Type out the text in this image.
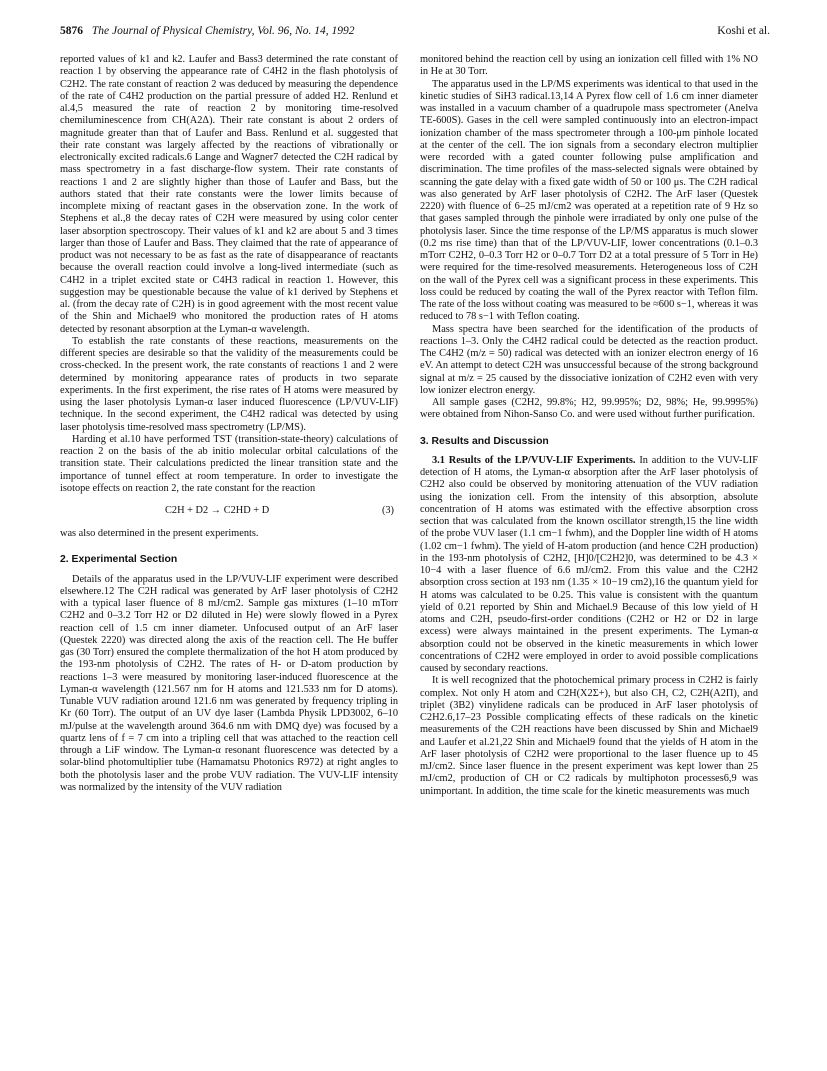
5876 The Journal of Physical Chemistry, Vol. 96, No. 14, 1992	Koshi et al.

reported values of k1 and k2. Laufer and Bass3 determined the rate constant of reaction 1 by observing the appearance rate of C4H2 in the flash photolysis of C2H2. The rate constant of reaction 2 was deduced by measuring the dependence of the rate of C4H2 production on the partial pressure of added H2. Renlund et al.4,5 measured the rate of reaction 2 by monitoring time-resolved chemiluminescence from CH(A2Δ). Their rate constant is about 2 orders of magnitude greater than that of Laufer and Bass. Renlund et al. suggested that their rate constant was largely affected by the reactions of vibrationally or electronically excited radicals.6 Lange and Wagner7 detected the C2H radical by mass spectrometry in a fast discharge-flow system. Their rate constants of reactions 1 and 2 are slightly higher than those of Laufer and Bass, but the authors stated that their rate constants were the lower limits because of incomplete mixing of reactant gases in the observation zone. In the work of Stephens et al.,8 the decay rates of C2H were measured by using color center laser absorption spectroscopy. Their values of k1 and k2 are about 5 and 3 times larger than those of Laufer and Bass. They claimed that the rate of appearance of product was not necessary to be as fast as the rate of disappearance of reactants because the overall reaction could involve a long-lived intermediate (such as C4H2 in a triplet excited state or C4H3 radical in reaction 1. However, this suggestion may be questionable because the value of k1 derived by Stephens et al. (from the decay rate of C2H) is in good agreement with the most recent value of the Shin and Michael9 who monitored the production rates of H atoms detected by resonant absorption at the Lyman-α wavelength.

To establish the rate constants of these reactions, measurements on the different species are desirable so that the validity of the measurements could be cross-checked. In the present work, the rate constants of reactions 1 and 2 were determined by monitoring appearance rates of products in two separate experiments. In the first experiment, the rise rates of H atoms were measured by using the laser photolysis Lyman-α laser induced fluorescence (LP/VUV-LIF) technique. In the second experiment, the C4H2 radical was detected by using laser photolysis time-resolved mass spectrometry (LP/MS).

Harding et al.10 have performed TST (transition-state-theory) calculations of reaction 2 on the basis of the ab initio molecular orbital calculations of the transition state. Their calculations predicted the linear transition state and the importance of tunnel effect at room temperature. In order to investigate the isotope effects on reaction 2, the rate constant for the reaction

C2H + D2 → C2HD + D	(3)

was also determined in the present experiments.

2. Experimental Section

Details of the apparatus used in the LP/VUV-LIF experiment were described elsewhere.12 The C2H radical was generated by ArF laser photolysis of C2H2 with a typical laser fluence of 8 mJ/cm2. Sample gas mixtures (1–10 mTorr C2H2 and 0–3.2 Torr H2 or D2 diluted in He) were slowly flowed in a Pyrex reaction cell of 1.5 cm inner diameter. Unfocused output of an ArF laser (Questek 2220) was directed along the axis of the reaction cell. The He buffer gas (30 Torr) ensured the complete thermalization of the hot H atom produced by the 193-nm photolysis of C2H2. The rates of H- or D-atom production by reactions 1–3 were measured by monitoring laser-induced fluorescence at the Lyman-α wavelength (121.567 nm for H atoms and 121.533 nm for D atoms). Tunable VUV radiation around 121.6 nm was generated by frequency tripling in Kr (60 Torr). The output of an UV dye laser (Lambda Physik LPD3002, 6–10 mJ/pulse at the wavelength around 364.6 nm with DMQ dye) was focused by a quartz lens of f = 7 cm into a tripling cell that was attached to the reaction cell through a LiF window. The Lyman-α resonant fluorescence was detected by a solar-blind photomultiplier tube (Hamamatsu Photonics R972) at right angles to both the photolysis laser and the probe VUV radiation. The VUV-LIF intensity was normalized by the intensity of the VUV radiation

monitored behind the reaction cell by using an ionization cell filled with 1% NO in He at 30 Torr.

The apparatus used in the LP/MS experiments was identical to that used in the kinetic studies of SiH3 radical.13,14 A Pyrex flow cell of 1.6 cm inner diameter was installed in a vacuum chamber of a quadrupole mass spectrometer (Anelva TE-600S). Gases in the cell were sampled continuously into an electron-impact ionization chamber of the mass spectrometer through a 100-μm pinhole located at the center of the cell. The ion signals from a secondary electron multiplier were recorded with a gated counter following pulse amplification and discrimination. The time profiles of the mass-selected signals were obtained by scanning the gate delay with a fixed gate width of 50 or 100 μs. The C2H radical was also generated by ArF laser photolysis of C2H2. The ArF laser (Questek 2220) with fluence of 6–25 mJ/cm2 was operated at a repetition rate of 9 Hz so that gases sampled through the pinhole were irradiated by only one pulse of the photolysis laser. Since the time response of the LP/MS apparatus is much slower (0.2 ms rise time) than that of the LP/VUV-LIF, lower concentrations (0.1–0.3 mTorr C2H2, 0–0.3 Torr H2 or 0–0.7 Torr D2 at a total pressure of 5 Torr in He) were required for the time-resolved measurements. Heterogeneous loss of C2H on the wall of the Pyrex cell was a significant process in these experiments. This loss could be reduced by coating the wall of the Pyrex reactor with Teflon film. The rate of the loss without coating was measured to be ≈600 s−1, whereas it was reduced to 78 s−1 with Teflon coating.

Mass spectra have been searched for the identification of the products of reactions 1–3. Only the C4H2 radical could be detected as the reaction product. The C4H2 (m/z = 50) radical was detected with an ionizer electron energy of 16 eV. An attempt to detect C2H was unsuccessful because of the strong background signal at m/z = 25 caused by the dissociative ionization of C2H2 even with very low ionizer electron energy.

All sample gases (C2H2, 99.8%; H2, 99.995%; D2, 98%; He, 99.9995%) were obtained from Nihon-Sanso Co. and were used without further purification.

3. Results and Discussion

3.1 Results of the LP/VUV-LIF Experiments. In addition to the VUV-LIF detection of H atoms, the Lyman-α absorption after the ArF laser photolysis of C2H2 also could be observed by monitoring attenuation of the VUV radiation using the ionization cell. From the intensity of this absorption, absolute concentration of H atoms was estimated with the effective absorption cross section that was calculated from the known oscillator strength,15 the line width of the probe VUV laser (1.1 cm−1 fwhm), and the Doppler line width of H atoms (1.02 cm−1 fwhm). The yield of H-atom production (and hence C2H production) in the 193-nm photolysis of C2H2, [H]0/[C2H2]0, was determined to be 4.3 × 10−4 with a laser fluence of 6.6 mJ/cm2. From this value and the C2H2 absorption cross section at 193 nm (1.35 × 10−19 cm2),16 the quantum yield for H atoms was calculated to be 0.25. This value is consistent with the quantum yield of 0.21 reported by Shin and Michael.9 Because of this low yield of H atoms and C2H, pseudo-first-order conditions (C2H2 or H2 or D2 in large excess) were always maintained in the present experiments. The Lyman-α absorption could not be observed in the kinetic measurements in which lower concentrations of C2H2 were employed in order to avoid possible complications caused by secondary reactions.

It is well recognized that the photochemical primary process in C2H2 is fairly complex. Not only H atom and C2H(X2Σ+), but also CH, C2, C2H(A2Π), and triplet (3B2) vinylidene radicals can be produced in ArF laser photolysis of C2H2.6,17–23 Possible complicating effects of these radicals on the kinetic measurements of the C2H reactions have been discussed by Shin and Michael9 and Laufer et al.21,22 Shin and Michael9 found that the yields of H atom in the ArF laser photolysis of C2H2 were proportional to the laser fluence up to 45 mJ/cm2. Since laser fluence in the present experiment was kept lower than 25 mJ/cm2, production of CH or C2 radicals by multiphoton processes6,9 was unimportant. In addition, the time scale for the kinetic measurements was much
